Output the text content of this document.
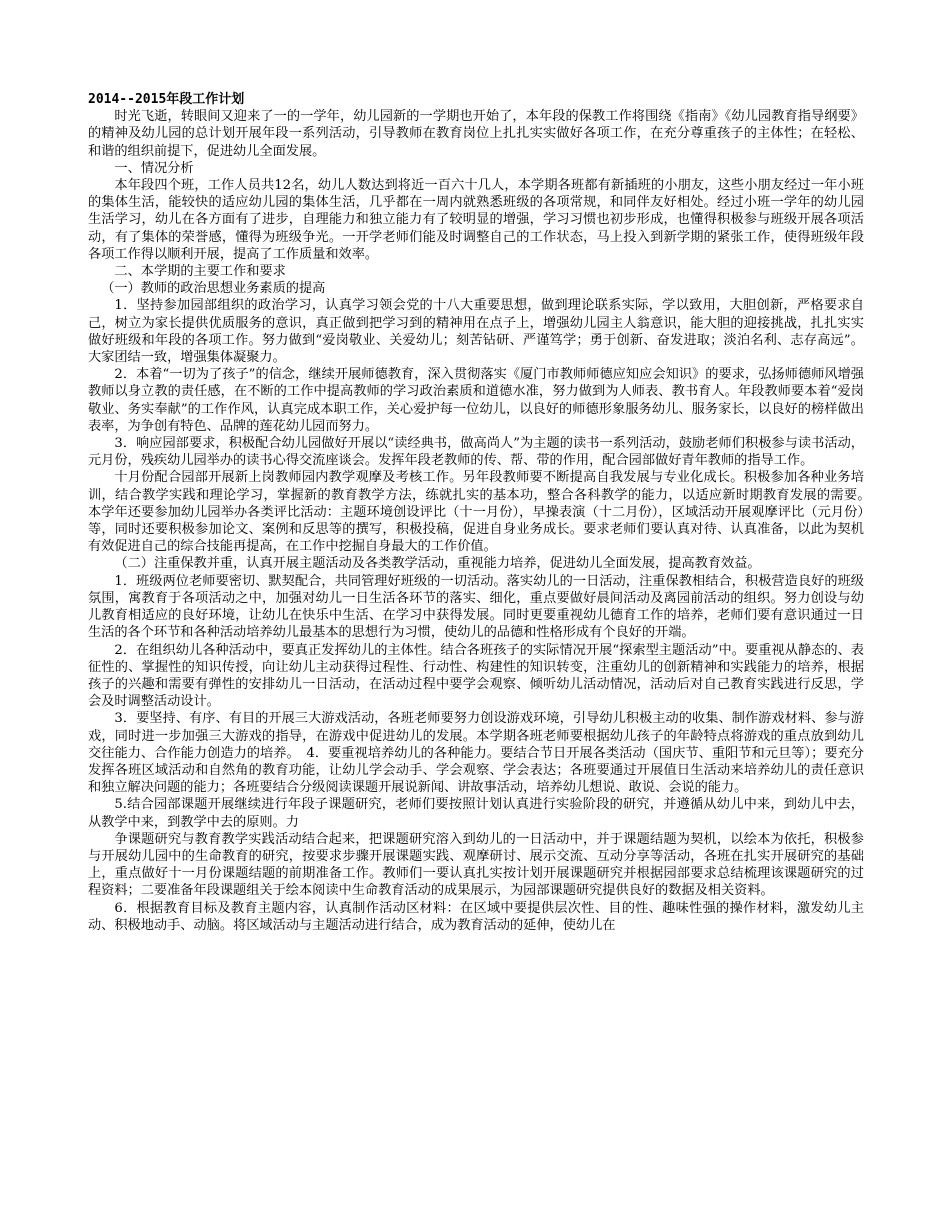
2014--2015年段工作计划

时光飞逝，转眼间又迎来了一的一学年，幼儿园新的一学期也开始了，本年段的保教工作将围绕《指南》《幼儿园教育指导纲要》的精神及幼儿园的总计划开展年段一系列活动，引导教师在教育岗位上扎扎实实做好各项工作，在充分尊重孩子的主体性；在轻松、和谐的组织前提下，促进幼儿全面发展。

一、情况分析

本年段四个班，工作人员共12名，幼儿人数达到将近一百六十几人，本学期各班都有新插班的小朋友，这些小朋友经过一年小班的集体生活，能较快的适应幼儿园的集体生活，几乎都在一周内就熟悉班级的各项常规，和同伴友好相处。经过小班一学年的幼儿园生活学习，幼儿在各方面有了进步，自理能力和独立能力有了较明显的增强，学习习惯也初步形成，也懂得积极参与班级开展各项活动，有了集体的荣誉感，懂得为班级争光。一开学老师们能及时调整自己的工作状态，马上投入到新学期的紧张工作，使得班级年段各项工作得以顺利开展，提高了工作质量和效率。

二、本学期的主要工作和要求

（一）教师的政治思想业务素质的提高

1．坚持参加园部组织的政治学习，认真学习领会党的十八大重要思想，做到理论联系实际，学以致用，大胆创新，严格要求自己，树立为家长提供优质服务的意识，真正做到把学习到的精神用在点子上，增强幼儿园主人翁意识，能大胆的迎接挑战，扎扎实实做好班级和年段的各项工作。努力做到“爱岗敬业、关爱幼儿；刻苦钻研、严谨笃学；勇于创新、奋发进取；淡泊名利、志存高远”。大家团结一致，增强集体凝聚力。

2．本着“一切为了孩子”的信念，继续开展师德教育，深入贯彻落实《厦门市教师师德应知应会知识》的要求，弘扬师德师风增强教师以身立教的责任感，在不断的工作中提高教师的学习政治素质和道德水准，努力做到为人师表、教书育人。年段教师要本着“爱岗敬业、务实奉献”的工作作风，认真完成本职工作，关心爱护每一位幼儿，以良好的师德形象服务幼儿、服务家长，以良好的榜样做出表率，为争创有特色、品牌的莲花幼儿园而努力。

3．响应园部要求，积极配合幼儿园做好开展以“读经典书，做高尚人”为主题的读书一系列活动，鼓励老师们积极参与读书活动，元月份，残疾幼儿园举办的读书心得交流座谈会。发挥年段老教师的传、帮、带的作用，配合园部做好青年教师的指导工作。

十月份配合园部开展新上岗教师园内教学观摩及考核工作。另年段教师要不断提高自我发展与专业化成长。积极参加各种业务培训，结合教学实践和理论学习，掌握新的教育教学方法，练就扎实的基本功，整合各科教学的能力，以适应新时期教育发展的需要。　本学年还要参加幼儿园举办各类评比活动：主题环境创设评比（十一月份），早操表演（十二月份），区域活动开展观摩评比（元月份）等，同时还要积极参加论文、案例和反思等的撰写，积极投稿，促进自身业务成长。要求老师们要认真对待、认真准备，以此为契机有效促进自己的综合技能再提高，在工作中挖掘自身最大的工作价值。

（二）注重保教并重，认真开展主题活动及各类教学活动，重视能力培养，促进幼儿全面发展，提高教育效益。

1．班级两位老师要密切、默契配合，共同管理好班级的一切活动。落实幼儿的一日活动，注重保教相结合，积极营造良好的班级氛围，寓教育于各项活动之中，加强对幼儿一日生活各环节的落实、细化，重点要做好晨间活动及离园前活动的组织。努力创设与幼儿教育相适应的良好环境，让幼儿在快乐中生活、在学习中获得发展。同时更要重视幼儿德育工作的培养，老师们要有意识通过一日生活的各个环节和各种活动培养幼儿最基本的思想行为习惯，使幼儿的品德和性格形成有个良好的开端。

2．在组织幼儿各种活动中，要真正发挥幼儿的主体性。结合各班孩子的实际情况开展“探索型主题活动”中。要重视从静态的、表征性的、掌握性的知识传授，向让幼儿主动获得过程性、行动性、构建性的知识转变，注重幼儿的创新精神和实践能力的培养，根据孩子的兴趣和需要有弹性的安排幼儿一日活动，在活动过程中要学会观察、倾听幼儿活动情况，活动后对自己教育实践进行反思，学会及时调整活动设计。

3．要坚持、有序、有目的开展三大游戏活动，各班老师要努力创设游戏环境，引导幼儿积极主动的收集、制作游戏材料、参与游戏，同时进一步加强三大游戏的指导，在游戏中促进幼儿的发展。本学期各班老师要根据幼儿孩子的年龄特点将游戏的重点放到幼儿交往能力、合作能力创造力的培养。　4．要重视培养幼儿的各种能力。要结合节日开展各类活动（国庆节、重阳节和元旦等）；要充分发挥各班区域活动和自然角的教育功能，让幼儿学会动手、学会观察、学会表达；各班要通过开展值日生活动来培养幼儿的责任意识和独立解决问题的能力；各班要结合分级阅读课题开展说新闻、讲故事活动，培养幼儿想说、敢说、会说的能力。

5.结合园部课题开展继续进行年段子课题研究，老师们要按照计划认真进行实验阶段的研究，并遵循从幼儿中来，到幼儿中去，从教学中来，到教学中去的原则。力

争课题研究与教育教学实践活动结合起来，把课题研究溶入到幼儿的一日活动中，并于课题结题为契机，以绘本为依托，积极参与开展幼儿园中的生命教育的研究，按要求步骤开展课题实践、观摩研讨、展示交流、互动分享等活动，各班在扎实开展研究的基础上，重点做好十一月份课题结题的前期准备工作。教师们一要认真扎实按计划开展课题研究并根据园部要求总结梳理该课题研究的过程资料；二要准备年段课题组关于绘本阅读中生命教育活动的成果展示，为园部课题研究提供良好的数据及相关资料。

6．根据教育目标及教育主题内容，认真制作活动区材料：在区域中要提供层次性、目的性、趣味性强的操作材料，激发幼儿主动、积极地动手、动脑。将区域活动与主题活动进行结合，成为教育活动的延伸，使幼儿在
